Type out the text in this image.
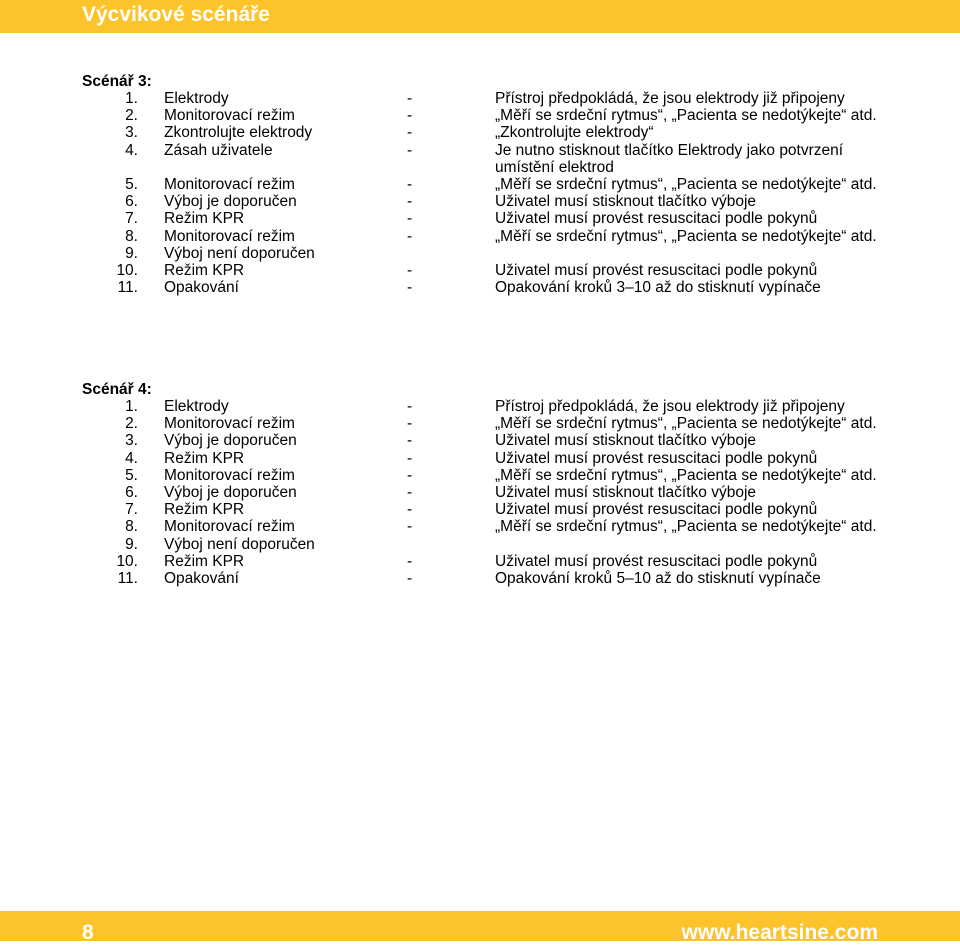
Výcvikové scénáře
Scénář 3:
1. Elektrody	-	Přístroj předpokládá, že jsou elektrody již připojeny
2. Monitorovací režim	-	„Měří se srdeční rytmus“, „Pacienta se nedotýkejte“ atd.
3. Zkontrolujte elektrody	-	„Zkontrolujte elektrody“
4. Zásah uživatele	-	Je nutno stisknout tlačítko Elektrody jako potvrzení umístění elektrod
5. Monitorovací režim	-	„Měří se srdeční rytmus“, „Pacienta se nedotýkejte“ atd.
6. Výboj je doporučen	-	Uživatel musí stisknout tlačítko výboje
7. Režim KPR	-	Uživatel musí provést resuscitaci podle pokynů
8. Monitorovací režim	-	„Měří se srdeční rytmus“, „Pacienta se nedotýkejte“ atd.
9. Výboj není doporučen

10. Režim KPR	-	Uživatel musí provést resuscitaci podle pokynů
11. Opakování	-	Opakování kroků 3–10 až do stisknutí vypínače
Scénář 4:
1. Elektrody	-	Přístroj předpokládá, že jsou elektrody již připojeny
2. Monitorovací režim	-	„Měří se srdeční rytmus“, „Pacienta se nedotýkejte“ atd.
3. Výboj je doporučen	-	Uživatel musí stisknout tlačítko výboje
4. Režim KPR	-	Uživatel musí provést resuscitaci podle pokynů
5. Monitorovací režim	-	„Měří se srdeční rytmus“, „Pacienta se nedotýkejte“ atd.
6. Výboj je doporučen	-	Uživatel musí stisknout tlačítko výboje
7. Režim KPR	-	Uživatel musí provést resuscitaci podle pokynů
8. Monitorovací režim	-	„Měří se srdeční rytmus“, „Pacienta se nedotýkejte“ atd.
9. Výboj není doporučen

10. Režim KPR	-	Uživatel musí provést resuscitaci podle pokynů
11. Opakování	-	Opakování kroků 5–10 až do stisknutí vypínače
8	www.heartsine.com
